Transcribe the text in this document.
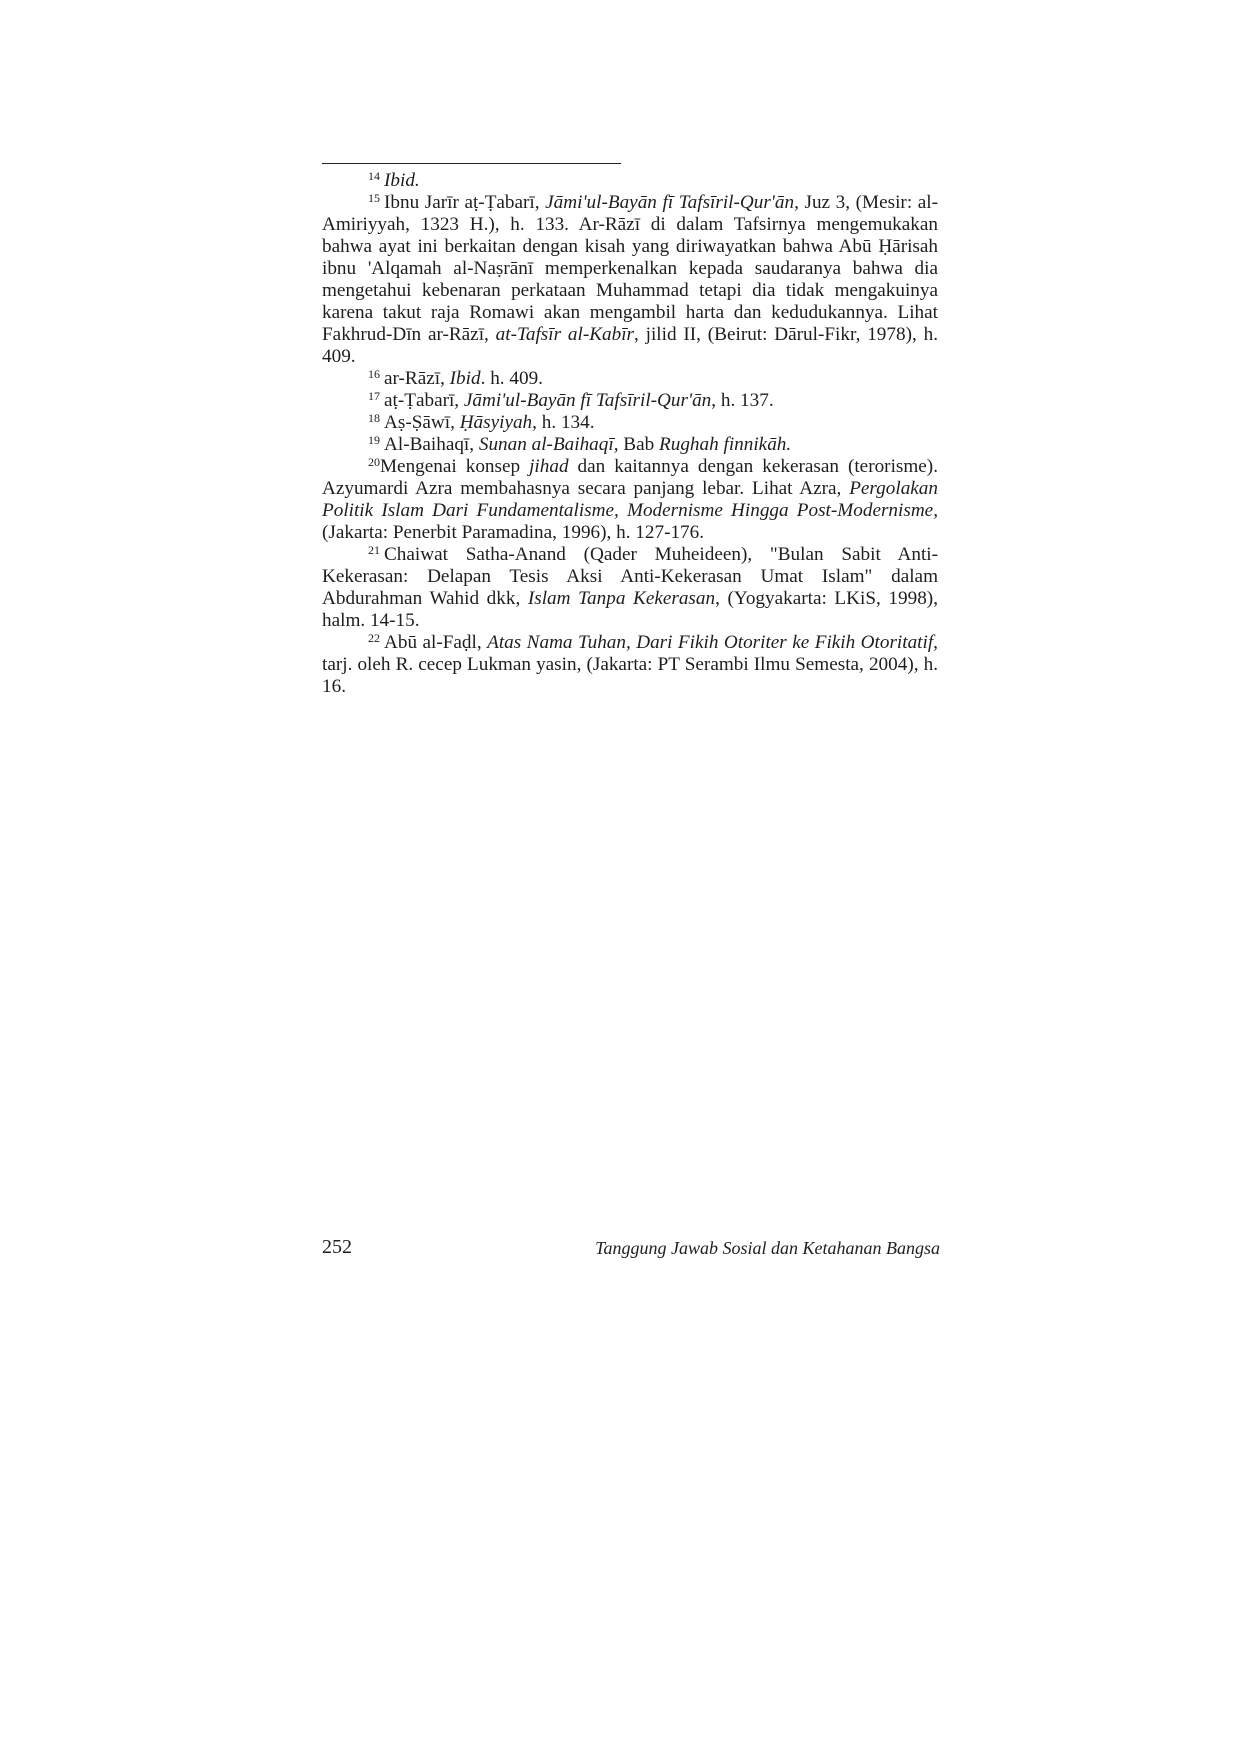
$^{14}$ Ibid.

$^{15}$ Ibnu Jarīr aṭ-Ṭabarī, Jāmi'ul-Bayān fī Tafsīril-Qur'ān, Juz 3, (Mesir: al-Amiriyyah, 1323 H.), h. 133. Ar-Rāzī di dalam Tafsirnya mengemukakan bahwa ayat ini berkaitan dengan kisah yang diriwayatkan bahwa Abū Ḥārisah ibnu 'Alqamah al-Naṣrānī memperkenalkan kepada saudaranya bahwa dia mengetahui kebenaran perkataan Muhammad tetapi dia tidak mengakuinya karena takut raja Romawi akan mengambil harta dan kedudukannya. Lihat Fakhrud-Dīn ar-Rāzī, at-Tafsīr al-Kabīr, jilid II, (Beirut: Dārul-Fikr, 1978), h. 409.

$^{16}$ ar-Rāzī, Ibid. h. 409.

$^{17}$ aṭ-Ṭabarī, Jāmi'ul-Bayān fī Tafsīril-Qur'ān, h. 137.

$^{18}$ Aṣ-Ṣāwī, Ḥāsyiyah, h. 134.

$^{19}$ Al-Baihaqī, Sunan al-Baihaqī, Bab Rughah finnikāh.

$^{20}$Mengenai konsep jihad dan kaitannya dengan kekerasan (terorisme). Azyumardi Azra membahasnya secara panjang lebar. Lihat Azra, Pergolakan Politik Islam Dari Fundamentalisme, Modernisme Hingga Post-Modernisme, (Jakarta: Penerbit Paramadina, 1996), h. 127-176.

$^{21}$ Chaiwat Satha-Anand (Qader Muheideen), "Bulan Sabit Anti-Kekerasan: Delapan Tesis Aksi Anti-Kekerasan Umat Islam" dalam Abdurahman Wahid dkk, Islam Tanpa Kekerasan, (Yogyakarta: LKiS, 1998), halm. 14-15.

$^{22}$ Abū al-Faḍl, Atas Nama Tuhan, Dari Fikih Otoriter ke Fikih Otoritatif, tarj. oleh R. cecep Lukman yasin, (Jakarta: PT Serambi Ilmu Semesta, 2004), h. 16.

252	Tanggung Jawab Sosial dan Ketahanan Bangsa
